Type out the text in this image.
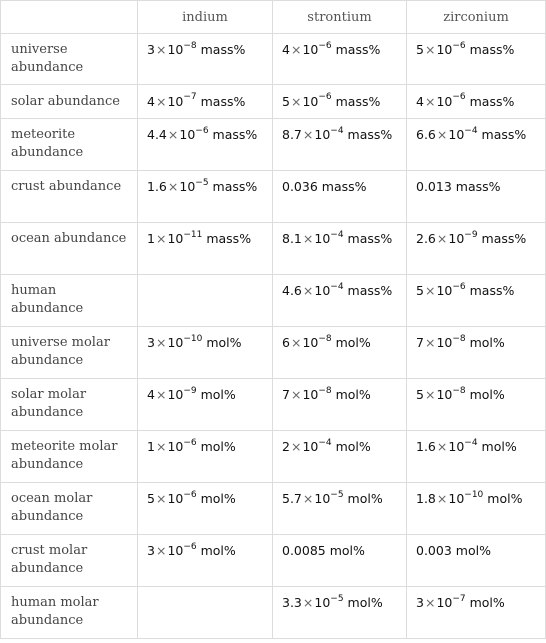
	indium	strontium	zirconium
universe abundance	$3\times 10^{-8}$ mass%	$4\times 10^{-6}$ mass%	$5\times 10^{-6}$ mass%
solar abundance	$4\times 10^{-7}$ mass%	$5\times 10^{-6}$ mass%	$4\times 10^{-6}$ mass%
meteorite abundance	$4.4\times 10^{-6}$ mass%	$8.7\times 10^{-4}$ mass%	$6.6\times 10^{-4}$ mass%
crust abundance	$1.6\times 10^{-5}$ mass%	0.036 mass%	0.013 mass%
ocean abundance	$1\times 10^{-11}$ mass%	$8.1\times 10^{-4}$ mass%	$2.6\times 10^{-9}$ mass%
human abundance		$4.6\times 10^{-4}$ mass%	$5\times 10^{-6}$ mass%
universe molar abundance	$3\times 10^{-10}$ mol%	$6\times 10^{-8}$ mol%	$7\times 10^{-8}$ mol%
solar molar abundance	$4\times 10^{-9}$ mol%	$7\times 10^{-8}$ mol%	$5\times 10^{-8}$ mol%
meteorite molar abundance	$1\times 10^{-6}$ mol%	$2\times 10^{-4}$ mol%	$1.6\times 10^{-4}$ mol%
ocean molar abundance	$5\times 10^{-6}$ mol%	$5.7\times 10^{-5}$ mol%	$1.8\times 10^{-10}$ mol%
crust molar abundance	$3\times 10^{-6}$ mol%	0.0085 mol%	0.003 mol%
human molar abundance		$3.3\times 10^{-5}$ mol%	$3\times 10^{-7}$ mol%
